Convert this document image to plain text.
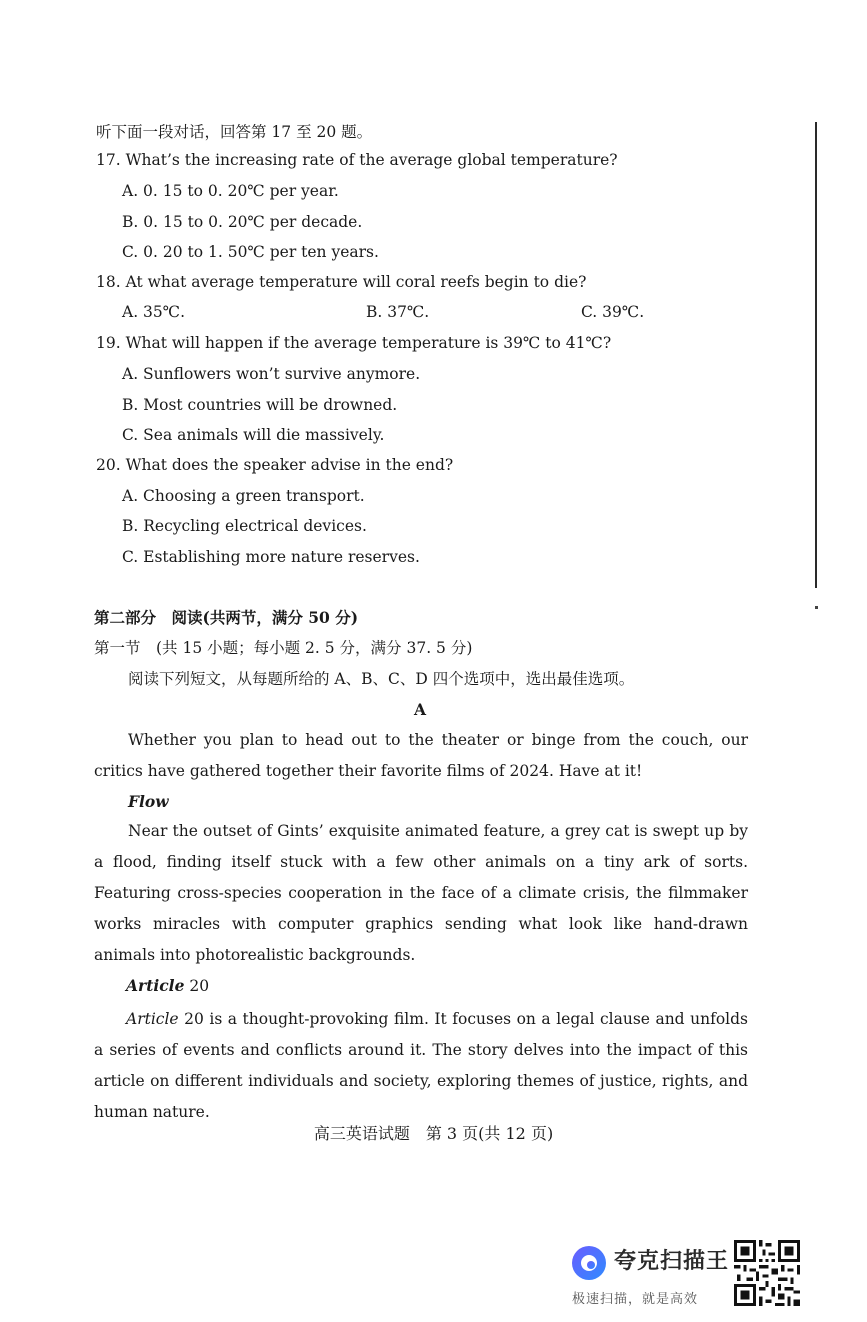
听下面一段对话，回答第 17 至 20 题。
17. What’s the increasing rate of the average global temperature?
A. 0. 15 to 0. 20℃ per year.
B. 0. 15 to 0. 20℃ per decade.
C. 0. 20 to 1. 50℃ per ten years.
18. At what average temperature will coral reefs begin to die?
A. 35℃.	B. 37℃.	C. 39℃.
19. What will happen if the average temperature is 39℃ to 41℃?
A. Sunflowers won’t survive anymore.
B. Most countries will be drowned.
C. Sea animals will die massively.
20. What does the speaker advise in the end?
A. Choosing a green transport.
B. Recycling electrical devices.
C. Establishing more nature reserves.
第二部分　阅读(共两节，满分 50 分)
第一节　(共 15 小题；每小题 2. 5 分，满分 37. 5 分)
阅读下列短文，从每题所给的 A、B、C、D 四个选项中，选出最佳选项。
A
Whether you plan to head out to the theater or binge from the couch, our critics have gathered together their favorite films of 2024. Have at it!
Flow
Near the outset of Gints’ exquisite animated feature, a grey cat is swept up by a flood, finding itself stuck with a few other animals on a tiny ark of sorts. Featuring cross-species cooperation in the face of a climate crisis, the filmmaker works miracles with computer graphics sending what look like hand-drawn animals into photorealistic backgrounds.
Article 20
Article 20 is a thought-provoking film. It focuses on a legal clause and unfolds a series of events and conflicts around it. The story delves into the impact of this article on different individuals and society, exploring themes of justice, rights, and human nature.
高三英语试题　第 3 页(共 12 页)
夸克扫描王
极速扫描，就是高效
